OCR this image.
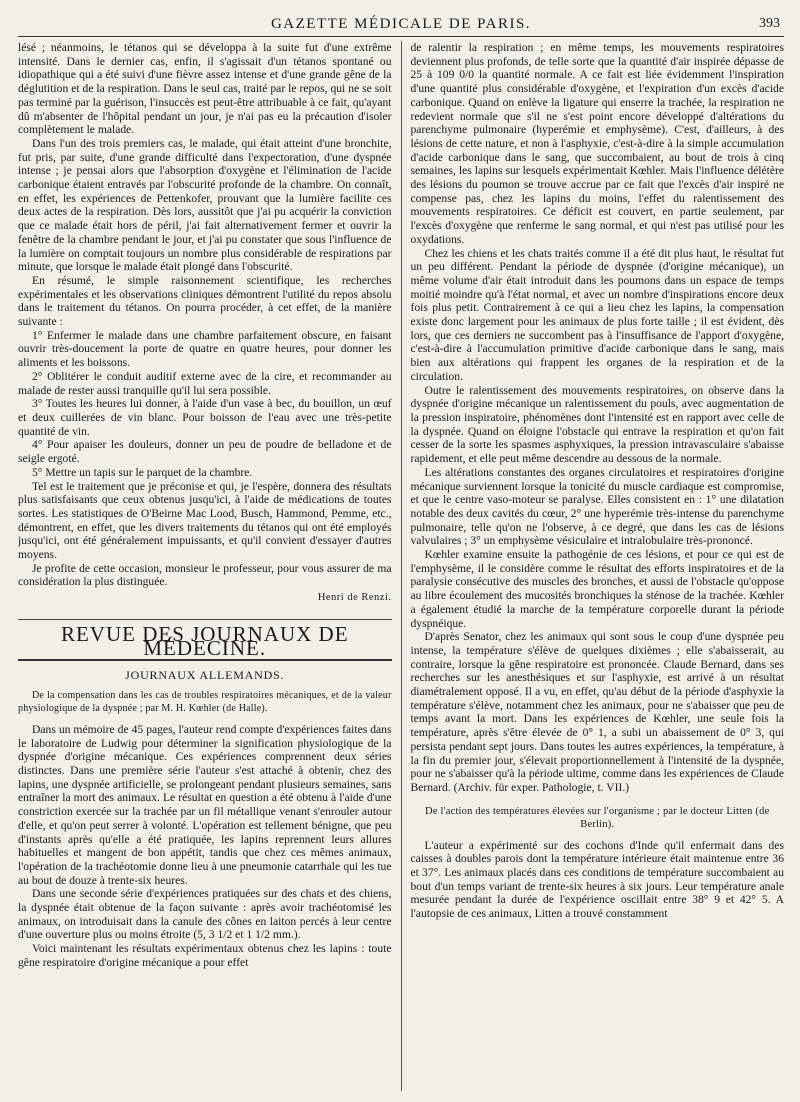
GAZETTE MÉDICALE DE PARIS.	393

lésé ; néanmoins, le tétanos qui se développa à la suite fut d'une extrême intensité. Dans le dernier cas, enfin, il s'agissait d'un tétanos spontané ou idiopathique qui a été suivi d'une fièvre assez intense et d'une grande gêne de la déglutition et de la respiration. Dans le seul cas, traité par le repos, qui ne se soit pas terminé par la guérison, l'insuccès est peut-être attribuable à ce fait, qu'ayant dû m'absenter de l'hôpital pendant un jour, je n'ai pas eu la précaution d'isoler complètement le malade.

Dans l'un des trois premiers cas, le malade, qui était atteint d'une bronchite, fut pris, par suite, d'une grande difficulté dans l'expectoration, d'une dyspnée intense ; je pensai alors que l'absorption d'oxygène et l'élimination de l'acide carbonique étaient entravés par l'obscurité profonde de la chambre. On connaît, en effet, les expériences de Pettenkofer, prouvant que la lumière facilite ces deux actes de la respiration. Dès lors, aussitôt que j'ai pu acquérir la conviction que ce malade était hors de péril, j'ai fait alternativement fermer et ouvrir la fenêtre de la chambre pendant le jour, et j'ai pu constater que sous l'influence de la lumière on comptait toujours un nombre plus considérable de respirations par minute, que lorsque le malade était plongé dans l'obscurité.

En résumé, le simple raisonnement scientifique, les recherches expérimentales et les observations cliniques démontrent l'utilité du repos absolu dans le traitement du tétanos. On pourra procéder, à cet effet, de la manière suivante :

1° Enfermer le malade dans une chambre parfaitement obscure, en faisant ouvrir très-doucement la porte de quatre en quatre heures, pour donner les aliments et les boissons.

2° Oblitérer le conduit auditif externe avec de la cire, et recommander au malade de rester aussi tranquille qu'il lui sera possible.

3° Toutes les heures lui donner, à l'aide d'un vase à bec, du bouillon, un œuf et deux cuillerées de vin blanc. Pour boisson de l'eau avec une très-petite quantité de vin.

4° Pour apaiser les douleurs, donner un peu de poudre de belladone et de seigle ergoté.

5° Mettre un tapis sur le parquet de la chambre.

Tel est le traitement que je préconise et qui, je l'espère, donnera des résultats plus satisfaisants que ceux obtenus jusqu'ici, à l'aide de médications de toutes sortes. Les statistiques de O'Beirne Mac Lood, Busch, Hammond, Pemme, etc., démontrent, en effet, que les divers traitements du tétanos qui ont été employés jusqu'ici, ont été généralement impuissants, et qu'il convient d'essayer d'autres moyens.

Je profite de cette occasion, monsieur le professeur, pour vous assurer de ma considération la plus distinguée.

Henri de Renzi.
REVUE DES JOURNAUX DE MÉDECINE.
JOURNAUX ALLEMANDS.
De la compensation dans les cas de troubles respiratoires mécaniques, et de la valeur physiologique de la dyspnée ; par M. H. Kœhler (de Halle).

Dans un mémoire de 45 pages, l'auteur rend compte d'expériences faites dans le laboratoire de Ludwig pour déterminer la signification physiologique de la dyspnée d'origine mécanique. Ces expériences comprennent deux séries distinctes. Dans une première série l'auteur s'est attaché à obtenir, chez des lapins, une dyspnée artificielle, se prolongeant pendant plusieurs semaines, sans entraîner la mort des animaux. Le résultat en question a été obtenu à l'aide d'une constriction exercée sur la trachée par un fil métallique venant s'enrouler autour d'elle, et qu'on peut serrer à volonté. L'opération est tellement bénigne, que peu d'instants après qu'elle a été pratiquée, les lapins reprennent leurs allures habituelles et mangent de bon appétit, tandis que chez ces mêmes animaux, l'opération de la trachéotomie donne lieu à une pneumonie catarrhale qui les tue au bout de douze à trente-six heures.

Dans une seconde série d'expériences pratiquées sur des chats et des chiens, la dyspnée était obtenue de la façon suivante : après avoir trachéotomisé les animaux, on introduisait dans la canule des cônes en laiton percés à leur centre d'une ouverture plus ou moins étroite (5, 3 1/2 et 1 1/2 mm.).

Voici maintenant les résultats expérimentaux obtenus chez les lapins : toute gêne respiratoire d'origine mécanique a pour effet

de ralentir la respiration ; en même temps, les mouvements respiratoires deviennent plus profonds, de telle sorte que la quantité d'air inspirée dépasse de 25 à 109 0/0 la quantité normale. A ce fait est liée évidemment l'inspiration d'une quantité plus considérable d'oxygène, et l'expiration d'un excès d'acide carbonique. Quand on enlève la ligature qui enserre la trachée, la respiration ne redevient normale que s'il ne s'est point encore développé d'altérations du parenchyme pulmonaire (hyperémie et emphysème). C'est, d'ailleurs, à des lésions de cette nature, et non à l'asphyxie, c'est-à-dire à la simple accumulation d'acide carbonique dans le sang, que succombaient, au bout de trois à cinq semaines, les lapins sur lesquels expérimentait Kœhler. Mais l'influence délétère des lésions du poumon se trouve accrue par ce fait que l'excès d'air inspiré ne compense pas, chez les lapins du moins, l'effet du ralentissement des mouvements respiratoires. Ce déficit est couvert, en partie seulement, par l'excès d'oxygène que renferme le sang normal, et qui n'est pas utilisé pour les oxydations.

Chez les chiens et les chats traités comme il a été dit plus haut, le résultat fut un peu différent. Pendant la période de dyspnée (d'origine mécanique), un même volume d'air était introduit dans les poumons dans un espace de temps moitié moindre qu'à l'état normal, et avec un nombre d'inspirations encore deux fois plus petit. Contrairement à ce qui a lieu chez les lapins, la compensation existe donc largement pour les animaux de plus forte taille ; il est évident, dès lors, que ces derniers ne succombent pas à l'insuffisance de l'apport d'oxygène, c'est-à-dire à l'accumulation primitive d'acide carbonique dans le sang, mais bien aux altérations qui frappent les organes de la respiration et de la circulation.

Outre le ralentissement des mouvements respiratoires, on observe dans la dyspnée d'origine mécanique un ralentissement du pouls, avec augmentation de la pression inspiratoire, phénomènes dont l'intensité est en rapport avec celle de la dyspnée. Quand on éloigne l'obstacle qui entrave la respiration et qu'on fait cesser de la sorte les spasmes asphyxiques, la pression intravasculaire s'abaisse rapidement, et elle peut même descendre au dessous de la normale.

Les altérations constantes des organes circulatoires et respiratoires d'origine mécanique surviennent lorsque la tonicité du muscle cardiaque est compromise, et que le centre vaso-moteur se paralyse. Elles consistent en : 1° une dilatation notable des deux cavités du cœur, 2° une hyperémie très-intense du parenchyme pulmonaire, telle qu'on ne l'observe, à ce degré, que dans les cas de lésions valvulaires ; 3° un emphysème vésiculaire et intralobulaire très-prononcé.

Kœhler examine ensuite la pathogénie de ces lésions, et pour ce qui est de l'emphysème, il le considère comme le résultat des efforts inspiratoires et de la paralysie consécutive des muscles des bronches, et aussi de l'obstacle qu'oppose au libre écoulement des mucosités bronchiques la sténose de la trachée. Kœhler a également étudié la marche de la température corporelle durant la période dyspnéique.

D'après Senator, chez les animaux qui sont sous le coup d'une dyspnée peu intense, la température s'élève de quelques dixièmes ; elle s'abaisserait, au contraire, lorsque la gêne respiratoire est prononcée. Claude Bernard, dans ses recherches sur les anesthésiques et sur l'asphyxie, est arrivé à un résultat diamétralement opposé. Il a vu, en effet, qu'au début de la période d'asphyxie la température s'élève, notamment chez les animaux, pour ne s'abaisser que peu de temps avant la mort. Dans les expériences de Kœhler, une seule fois la température, après s'être élevée de 0° 1, a subi un abaissement de 0° 3, qui persista pendant sept jours. Dans toutes les autres expériences, la température, à la fin du premier jour, s'élevait proportionnellement à l'intensité de la dyspnée, pour ne s'abaisser qu'à la période ultime, comme dans les expériences de Claude Bernard. (Archiv. für exper. Pathologie, t. VII.)

De l'action des températures élevées sur l'organisme ; par le docteur Litten (de Berlin).

L'auteur a expérimenté sur des cochons d'Inde qu'il enfermait dans des caisses à doubles parois dont la température intérieure était maintenue entre 36 et 37°. Les animaux placés dans ces conditions de température succombaient au bout d'un temps variant de trente-six heures à six jours. Leur température anale mesurée pendant la durée de l'expérience oscillait entre 38° 9 et 42° 5. A l'autopsie de ces animaux, Litten a trouvé constamment
